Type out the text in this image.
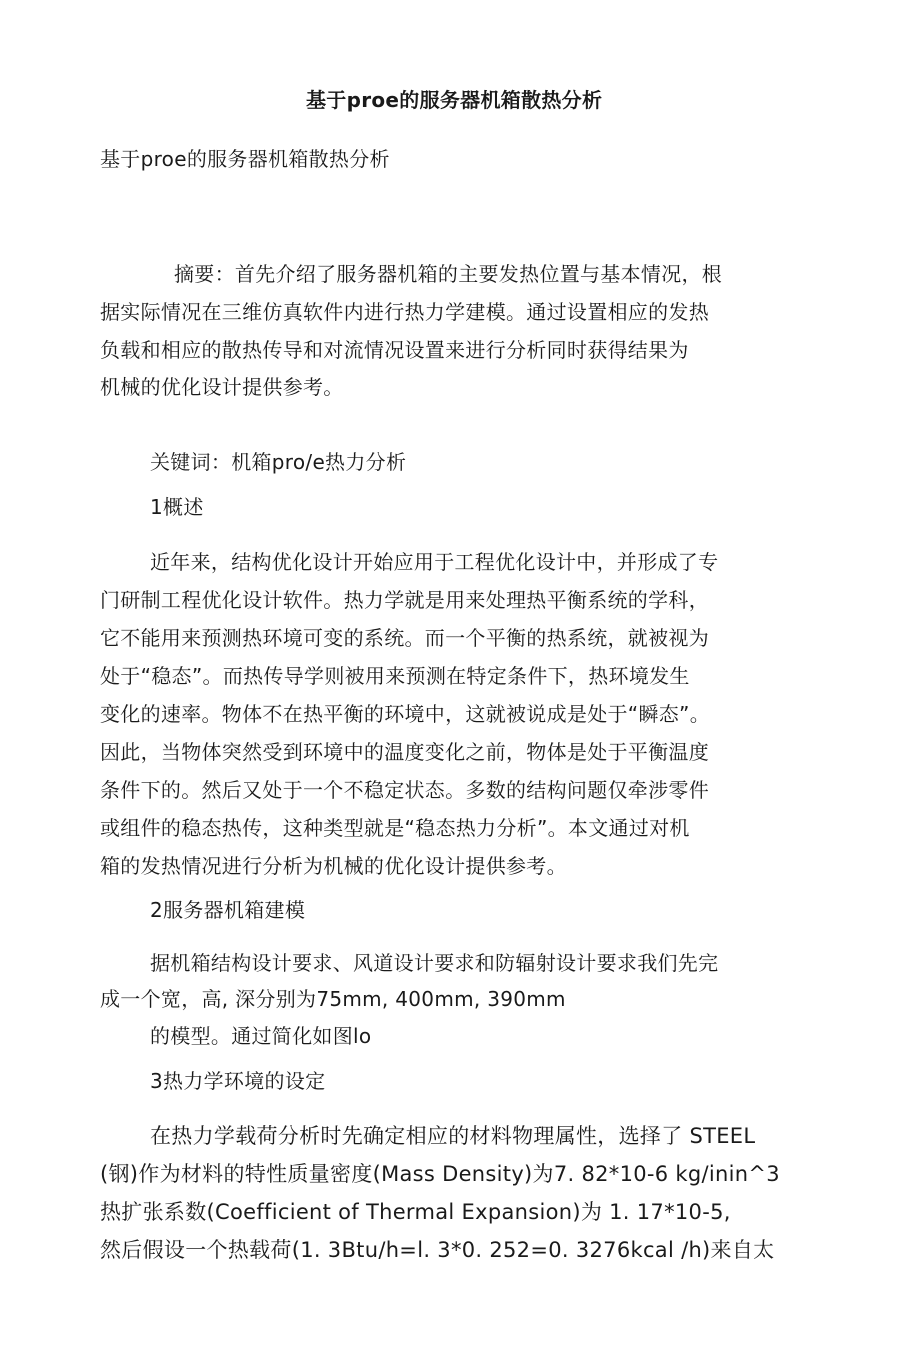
基于proe的服务器机箱散热分析
基于proe的服务器机箱散热分析
摘要：首先介绍了服务器机箱的主要发热位置与基本情况，根
据实际情况在三维仿真软件内进行热力学建模。通过设置相应的发热
负载和相应的散热传导和对流情况设置来进行分析同时获得结果为
机械的优化设计提供参考。
关键词：机箱pro/e热力分析
1概述
近年来，结构优化设计开始应用于工程优化设计中，并形成了专
门研制工程优化设计软件。热力学就是用来处理热平衡系统的学科，
它不能用来预测热环境可变的系统。而一个平衡的热系统，就被视为
处于“稳态”。而热传导学则被用来预测在特定条件下，热环境发生
变化的速率。物体不在热平衡的环境中，这就被说成是处于“瞬态”。
因此，当物体突然受到环境中的温度变化之前，物体是处于平衡温度
条件下的。然后又处于一个不稳定状态。多数的结构问题仅牵涉零件
或组件的稳态热传，这种类型就是“稳态热力分析”。本文通过对机
箱的发热情况进行分析为机械的优化设计提供参考。
2服务器机箱建模
据机箱结构设计要求、风道设计要求和防辐射设计要求我们先完
成一个宽，高, 深分别为75mm, 400mm, 390mm
的模型。通过简化如图lo
3热力学环境的设定
在热力学载荷分析时先确定相应的材料物理属性，选择了 STEEL
(钢)作为材料的特性质量密度(Mass Density)为7. 82*10-6 kg/inin^3
热扩张系数(Coefficient of Thermal Expansion)为 1. 17*10-5,
然后假设一个热载荷(1. 3Btu/h=l. 3*0. 252=0. 3276kcal /h)来自太
